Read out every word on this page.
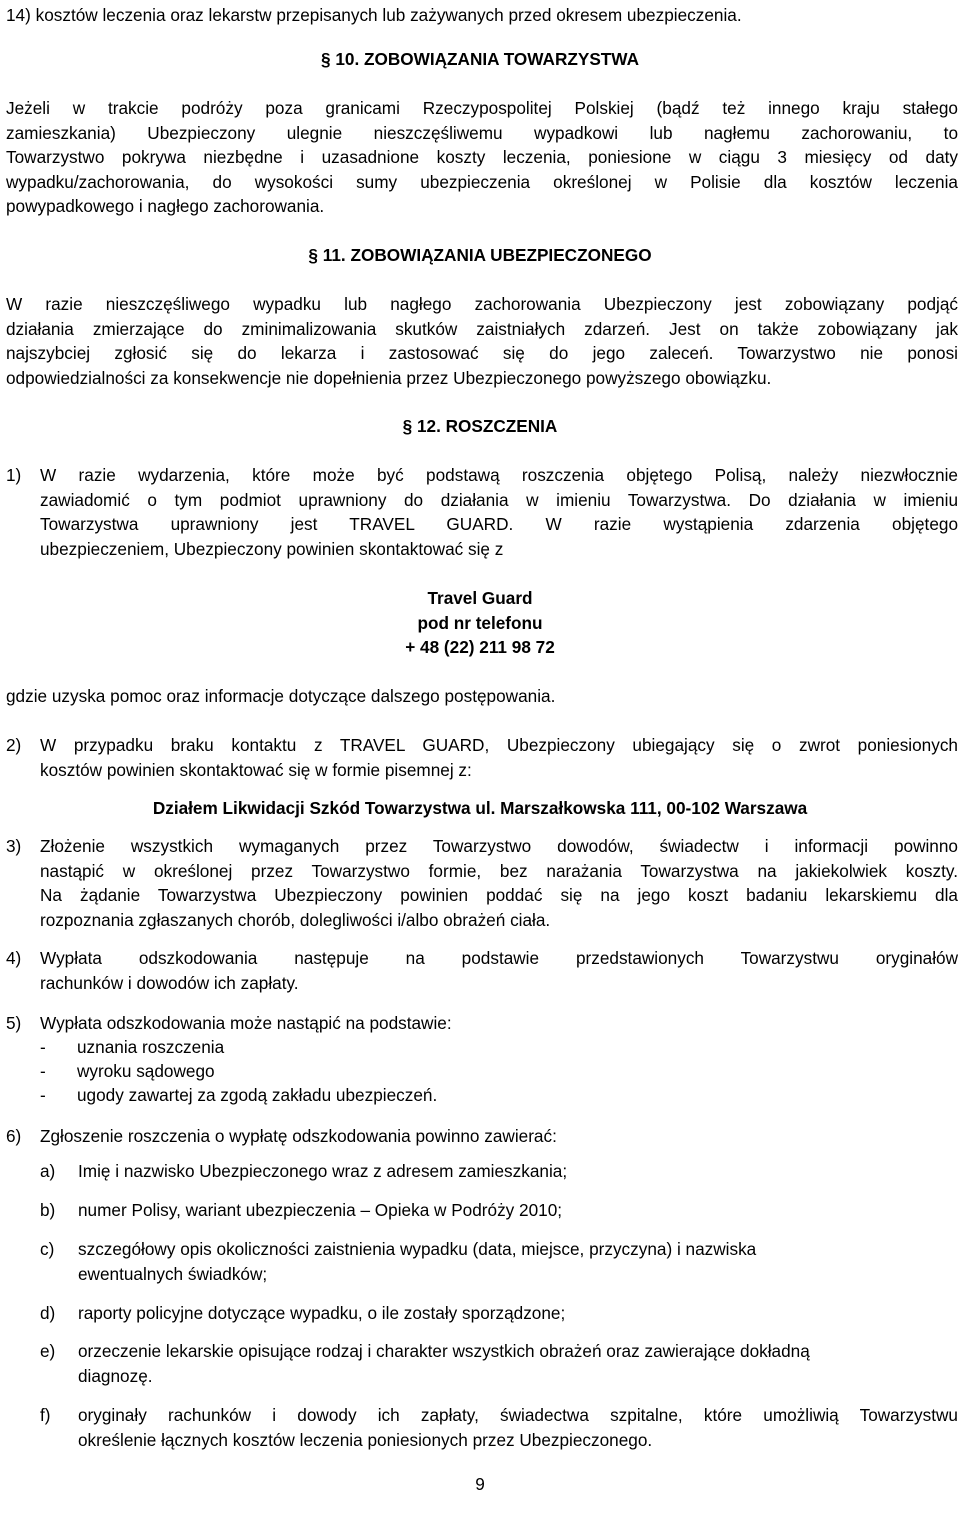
14) kosztów leczenia oraz lekarstw przepisanych lub zażywanych przed okresem ubezpieczenia.
§ 10. ZOBOWIĄZANIA TOWARZYSTWA
Jeżeli w trakcie podróży poza granicami Rzeczypospolitej Polskiej (bądź też innego kraju stałego
zamieszkania) Ubezpieczony ulegnie nieszczęśliwemu wypadkowi lub nagłemu zachorowaniu, to
Towarzystwo pokrywa niezbędne i uzasadnione koszty leczenia, poniesione w ciągu 3 miesięcy od daty
wypadku/zachorowania, do wysokości sumy ubezpieczenia określonej w Polisie dla kosztów leczenia
powypadkowego i nagłego zachorowania.
§ 11. ZOBOWIĄZANIA UBEZPIECZONEGO
W razie nieszczęśliwego wypadku lub nagłego zachorowania Ubezpieczony jest zobowiązany podjąć
działania zmierzające do zminimalizowania skutków zaistniałych zdarzeń. Jest on także zobowiązany jak
najszybciej zgłosić się do lekarza i zastosować się do jego zaleceń. Towarzystwo nie ponosi
odpowiedzialności za konsekwencje nie dopełnienia przez Ubezpieczonego powyższego obowiązku.
§ 12. ROSZCZENIA
1) W razie wydarzenia, które może być podstawą roszczenia objętego Polisą, należy niezwłocznie
zawiadomić o tym podmiot uprawniony do działania w imieniu Towarzystwa. Do działania w imieniu
Towarzystwa uprawniony jest TRAVEL GUARD. W razie wystąpienia zdarzenia objętego
ubezpieczeniem, Ubezpieczony powinien skontaktować się z
Travel Guard
pod nr telefonu
+ 48 (22) 211 98 72
gdzie uzyska pomoc oraz informacje dotyczące dalszego postępowania.
2) W przypadku braku kontaktu z TRAVEL GUARD, Ubezpieczony ubiegający się o zwrot poniesionych
kosztów powinien skontaktować się w formie pisemnej z:
Działem Likwidacji Szkód Towarzystwa ul. Marszałkowska 111, 00-102 Warszawa
3) Złożenie wszystkich wymaganych przez Towarzystwo dowodów, świadectw i informacji powinno
nastąpić w określonej przez Towarzystwo formie, bez narażania Towarzystwa na jakiekolwiek koszty.
Na żądanie Towarzystwa Ubezpieczony powinien poddać się na jego koszt badaniu lekarskiemu dla
rozpoznania zgłaszanych chorób, dolegliwości i/albo obrażeń ciała.
4) Wypłata odszkodowania następuje na podstawie przedstawionych Towarzystwu oryginałów
rachunków i dowodów ich zapłaty.
5) Wypłata odszkodowania może nastąpić na podstawie:
- uznania roszczenia
- wyroku sądowego
- ugody zawartej za zgodą zakładu ubezpieczeń.
6) Zgłoszenie roszczenia o wypłatę odszkodowania powinno zawierać:
a) Imię i nazwisko Ubezpieczonego wraz z adresem zamieszkania;
b) numer Polisy, wariant ubezpieczenia – Opieka w Podróży 2010;
c) szczegółowy opis okoliczności zaistnienia wypadku (data, miejsce, przyczyna) i nazwiska
ewentualnych świadków;
d) raporty policyjne dotyczące wypadku, o ile zostały sporządzone;
e) orzeczenie lekarskie opisujące rodzaj i charakter wszystkich obrażeń oraz zawierające dokładną
diagnozę.
f) oryginały rachunków i dowody ich zapłaty, świadectwa szpitalne, które umożliwią Towarzystwu
określenie łącznych kosztów leczenia poniesionych przez Ubezpieczonego.
9
